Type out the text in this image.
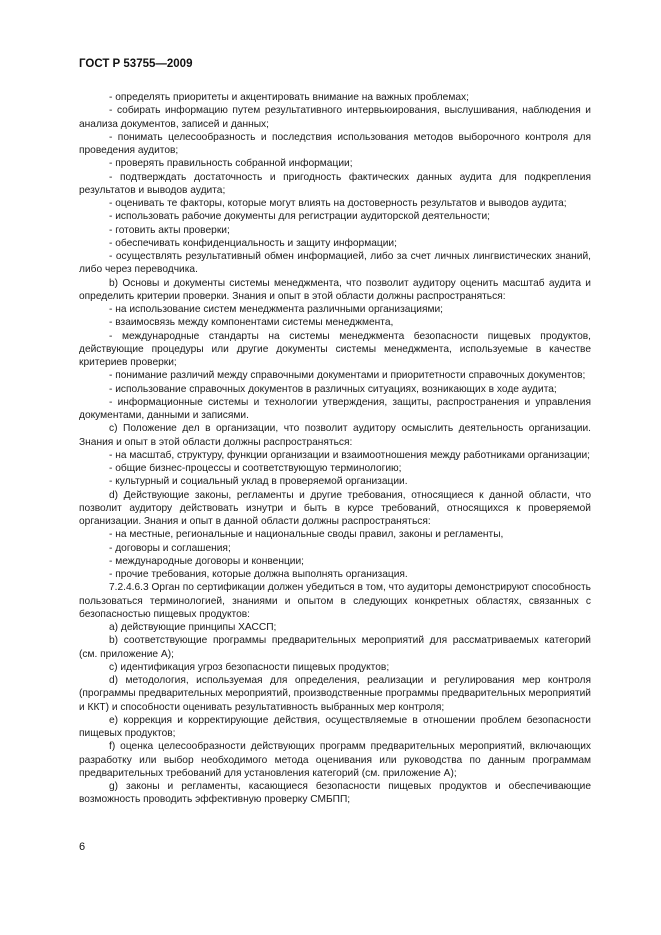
ГОСТ Р 53755—2009

- определять приоритеты и акцентировать внимание на важных проблемах;

- собирать информацию путем результативного интервьюирования, выслушивания, наблюдения и анализа документов, записей и данных;

- понимать целесообразность и последствия использования методов выборочного контроля для проведения аудитов;

- проверять правильность собранной информации;

- подтверждать достаточность и пригодность фактических данных аудита для подкрепления результатов и выводов аудита;

- оценивать те факторы, которые могут влиять на достоверность результатов и выводов аудита;

- использовать рабочие документы для регистрации аудиторской деятельности;

- готовить акты проверки;

- обеспечивать конфиденциальность и защиту информации;

- осуществлять результативный обмен информацией, либо за счет личных лингвистических знаний, либо через переводчика.

b) Основы и документы системы менеджмента, что позволит аудитору оценить масштаб аудита и определить критерии проверки. Знания и опыт в этой области должны распространяться:

- на использование систем менеджмента различными организациями;

- взаимосвязь между компонентами системы менеджмента,

- международные стандарты на системы менеджмента безопасности пищевых продуктов, действующие процедуры или другие документы системы менеджмента, используемые в качестве критериев проверки;

- понимание различий между справочными документами и приоритетности справочных документов;

- использование справочных документов в различных ситуациях, возникающих в ходе аудита;

- информационные системы и технологии утверждения, защиты, распространения и управления документами, данными и записями.

c) Положение дел в организации, что позволит аудитору осмыслить деятельность организации. Знания и опыт в этой области должны распространяться:

- на масштаб, структуру, функции организации и взаимоотношения между работниками организации;

- общие бизнес-процессы и соответствующую терминологию;

- культурный и социальный уклад в проверяемой организации.

d) Действующие законы, регламенты и другие требования, относящиеся к данной области, что позволит аудитору действовать изнутри и быть в курсе требований, относящихся к проверяемой организации. Знания и опыт в данной области должны распространяться:

- на местные, региональные и национальные своды правил, законы и регламенты,

- договоры и соглашения;

- международные договоры и конвенции;

- прочие требования, которые должна выполнять организация.

7.2.4.6.3 Орган по сертификации должен убедиться в том, что аудиторы демонстрируют способность пользоваться терминологией, знаниями и опытом в следующих конкретных областях, связанных с безопасностью пищевых продуктов:

a) действующие принципы ХАССП;

b) соответствующие программы предварительных мероприятий для рассматриваемых категорий (см. приложение А);

c) идентификация угроз безопасности пищевых продуктов;

d) методология, используемая для определения, реализации и регулирования мер контроля (программы предварительных мероприятий, производственные программы предварительных мероприятий и ККТ) и способности оценивать результативность выбранных мер контроля;

e) коррекция и корректирующие действия, осуществляемые в отношении проблем безопасности пищевых продуктов;

f) оценка целесообразности действующих программ предварительных мероприятий, включающих разработку или выбор необходимого метода оценивания или руководства по данным программам предварительных требований для установления категорий (см. приложение А);

g) законы и регламенты, касающиеся безопасности пищевых продуктов и обеспечивающие возможность проводить эффективную проверку СМБПП;

6
